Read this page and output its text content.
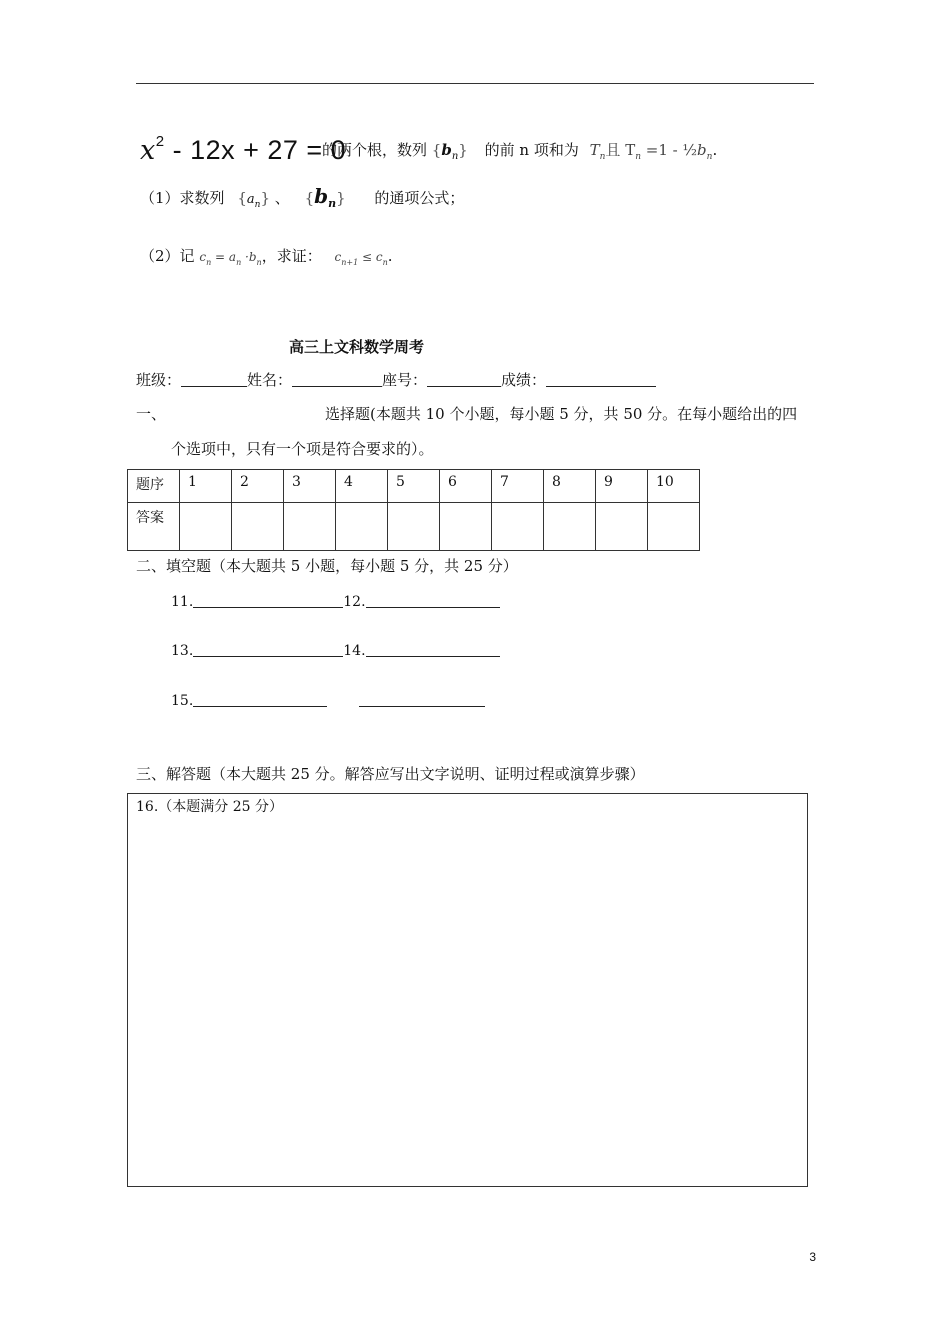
$x^2 - 12x + 27 = 0$
的两个根，数列 $\{b_n\}$ 的前 n 项和为 $T_n$且 $T_n =1$ - $\frac{1}{2}b_n$.
（1）求数列 $\{a_n\}$ 、 $\{b_n\}$ 的通项公式；
（2）记 $c_n = a_n \cdot b_n$，求证： $c_{n+1} \le c_n$.
高三上文科数学周考
班级：	姓名：	座号：	成绩：
一、	选择题(本题共 10 个小题，每小题 5 分，共 50 分。在每小题给出的四
个选项中，只有一个项是符合要求的）。
题序	1	2	3	4	5	6	7	8	9	10
答案										
二、填空题（本大题共 5 小题，每小题 5 分，共 25 分）
11.	12.
13.	14.
15.
三、解答题（本大题共 25 分。解答应写出文字说明、证明过程或演算步骤）
16.（本题满分 25 分）
3
